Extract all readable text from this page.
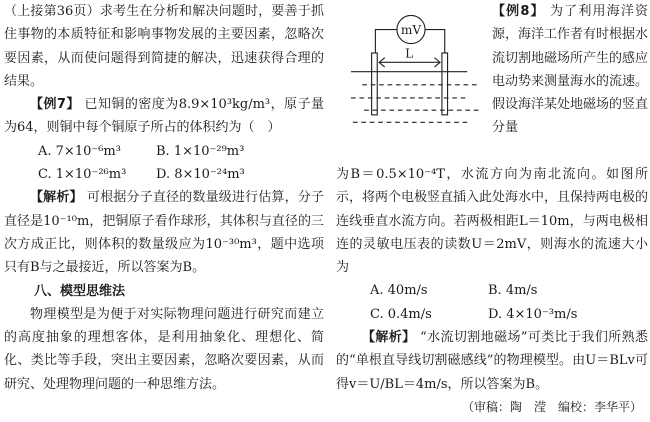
（上接第36页）求考生在分析和解决问题时，要善于抓住事物的本质特征和影响事物发展的主要因素，忽略次要因素，从而使问题得到简捷的解决，迅速获得合理的结果。

【例7】 已知铜的密度为8.9×10³kg/m³，原子量为64，则铜中每个铜原子所占的体积约为（　）

A. 7×10⁻⁶m³	B. 1×10⁻²⁹m³
C. 1×10⁻²⁶m³	D. 8×10⁻²⁴m³

【解析】 可根据分子直径的数量级进行估算，分子直径是10⁻¹⁰m，把铜原子看作球形，其体积与直径的三次方成正比，则体积的数量级应为10⁻³⁰m³，题中选项只有B与之最接近，所以答案为B。

八、模型思维法

物理模型是为便于对实际物理问题进行研究而建立的高度抽象的理想客体，是利用抽象化、理想化、简化、类比等手段，突出主要因素，忽略次要因素，从而研究、处理物理问题的一种思维方法。

mV
L

【例8】 为了利用海洋资源，海洋工作者有时根据水流切割地磁场所产生的感应电动势来测量海水的流速。假设海洋某处地磁场的竖直分量

为B＝0.5×10⁻⁴T，水流方向为南北流向。如图所示，将两个电极竖直插入此处海水中，且保持两电极的连线垂直水流方向。若两极相距L＝10m，与两电极相连的灵敏电压表的读数U＝2mV，则海水的流速大小为

A. 40m/s	B. 4m/s
C. 0.4m/s	D. 4×10⁻³m/s

【解析】 “水流切割地磁场”可类比于我们所熟悉的“单根直导线切割磁感线”的物理模型。由U＝BLv可得v＝U/BL＝4m/s，所以答案为B。

（审稿：陶　滢　编校：李华平）
